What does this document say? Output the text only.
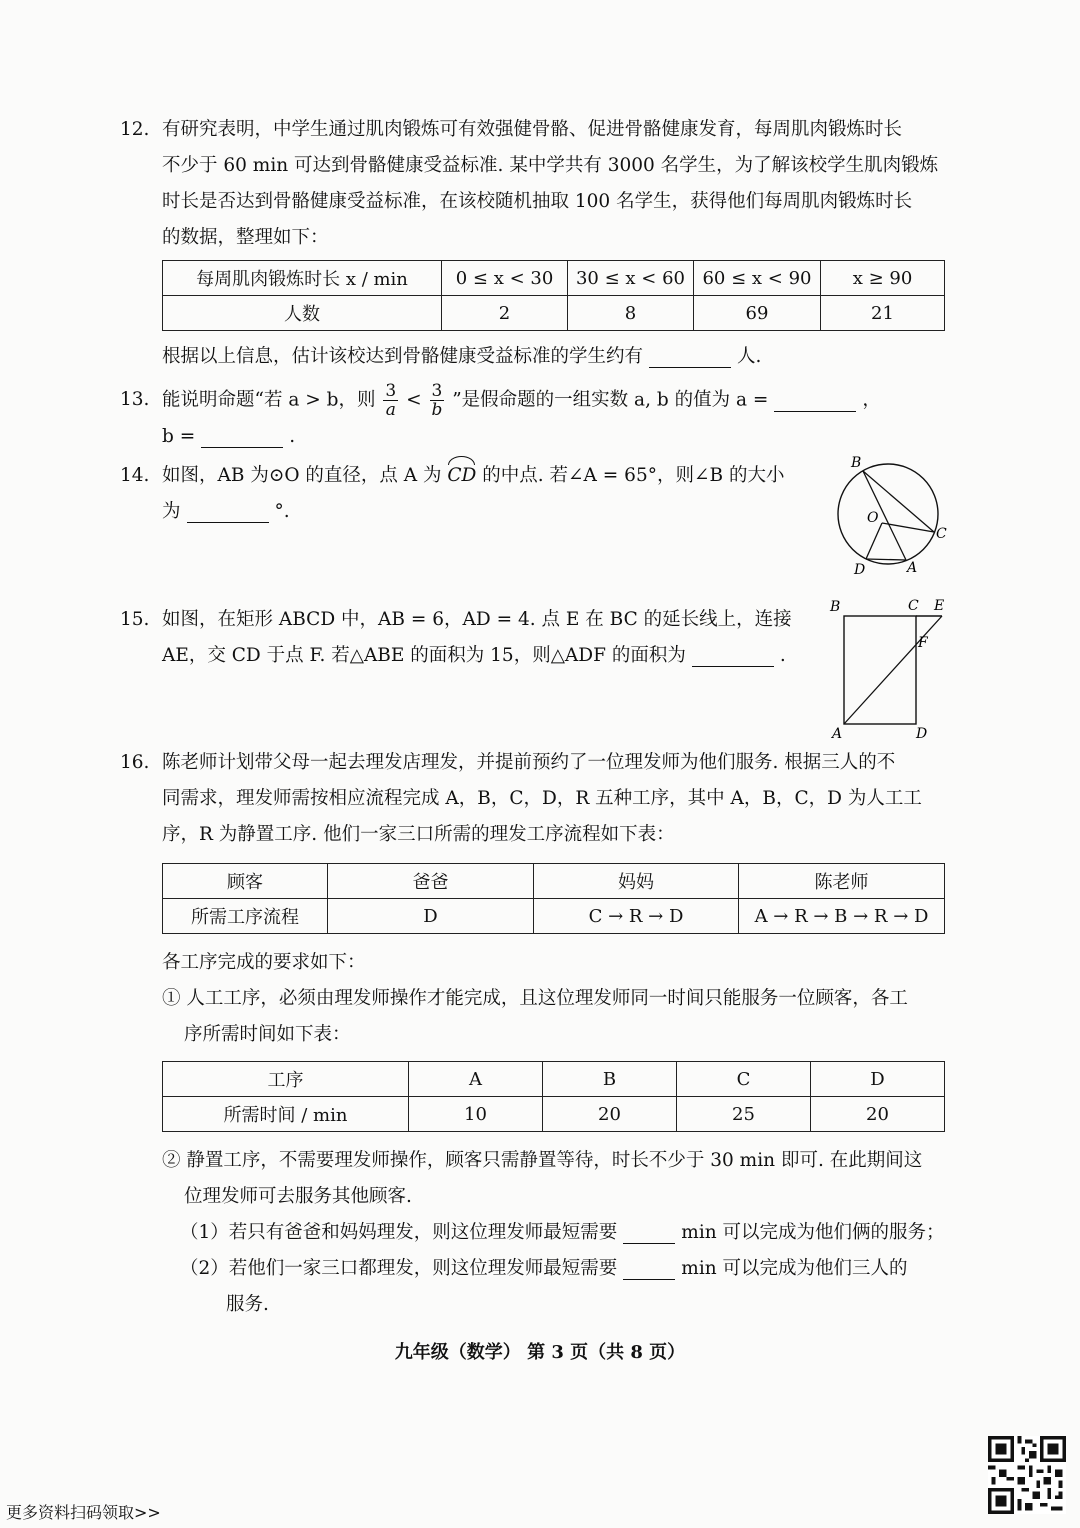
12. 有研究表明，中学生通过肌肉锻炼可有效强健骨骼、促进骨骼健康发育，每周肌肉锻炼时长
不少于 60 min 可达到骨骼健康受益标准. 某中学共有 3000 名学生，为了解该校学生肌肉锻炼
时长是否达到骨骼健康受益标准，在该校随机抽取 100 名学生，获得他们每周肌肉锻炼时长
的数据，整理如下：
每周肌肉锻炼时长 x / min	0 ≤ x < 30	30 ≤ x < 60	60 ≤ x < 90	x ≥ 90
人数	2	8	69	21
根据以上信息，估计该校达到骨骼健康受益标准的学生约有	人.
13. 能说明命题“若 a > b，则 $\frac{3}{a} < \frac{3}{b}$ ”是假命题的一组实数 a, b 的值为 a =	，
b =	.
14. 如图，AB 为⊙O 的直径，点 A 为 CD 的中点. 若∠A = 65°，则∠B 的大小
为	°.
B
O
C
D	A
15. 如图，在矩形 ABCD 中，AB = 6，AD = 4. 点 E 在 BC 的延长线上，连接
AE，交 CD 于点 F. 若△ABE 的面积为 15，则△ADF 的面积为	.
B	C E
F
A	D
16. 陈老师计划带父母一起去理发店理发，并提前预约了一位理发师为他们服务. 根据三人的不
同需求，理发师需按相应流程完成 A，B，C，D，R 五种工序，其中 A，B，C，D 为人工工
序，R 为静置工序. 他们一家三口所需的理发工序流程如下表：
顾客	爸爸	妈妈	陈老师
所需工序流程	D	C → R → D	A → R → B → R → D
各工序完成的要求如下：
① 人工工序，必须由理发师操作才能完成，且这位理发师同一时间只能服务一位顾客，各工
序所需时间如下表：
工序	A	B	C	D
所需时间 / min	10	20	25	20
② 静置工序，不需要理发师操作，顾客只需静置等待，时长不少于 30 min 即可. 在此期间这
位理发师可去服务其他顾客.
（1）若只有爸爸和妈妈理发，则这位理发师最短需要	min 可以完成为他们俩的服务；
（2）若他们一家三口都理发，则这位理发师最短需要	min 可以完成为他们三人的
服务.
九年级（数学） 第 3 页（共 8 页）
更多资料扫码领取>>
